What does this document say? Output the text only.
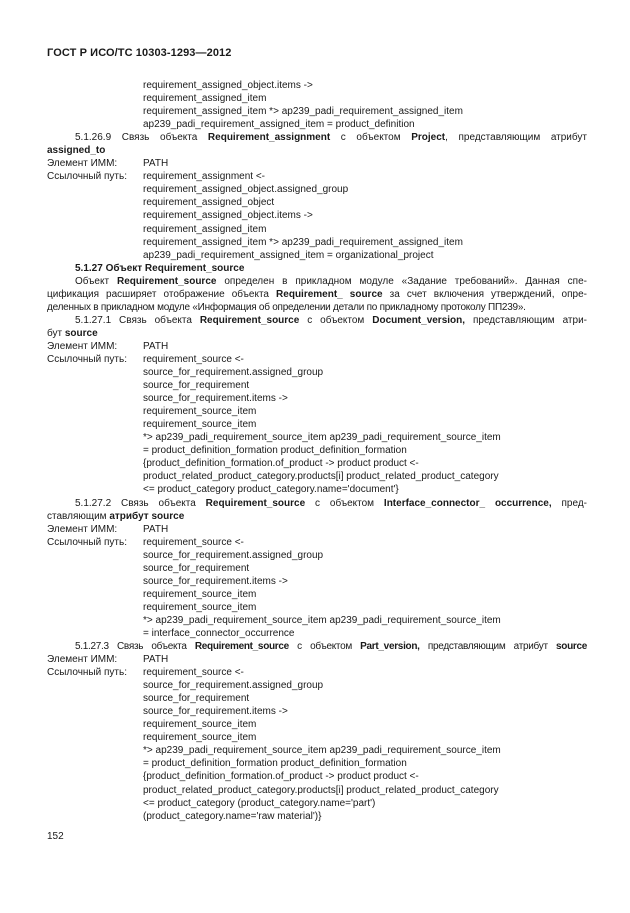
ГОСТ Р ИСО/ТС 10303-1293—2012
requirement_assigned_object.items ->
requirement_assigned_item
requirement_assigned_item *> ap239_padi_requirement_assigned_item
ap239_padi_requirement_assigned_item = product_definition
5.1.26.9 Связь объекта Requirement_assignment с объектом Project, представляющим атрибут
assigned_to
Элемент ИММ:	PATH
Ссылочный путь: requirement_assignment <-
requirement_assigned_object.assigned_group
requirement_assigned_object
requirement_assigned_object.items ->
requirement_assigned_item
requirement_assigned_item *> ap239_padi_requirement_assigned_item
ap239_padi_requirement_assigned_item = organizational_project
5.1.27 Объект Requirement_source
Объект Requirement_source определен в прикладном модуле «Задание требований». Данная спе-
цификация расширяет отображение объекта Requirement_ source за счет включения утверждений, опре-
деленных в прикладном модуле «Информация об определении детали по прикладному протоколу ПП239».
5.1.27.1 Связь объекта Requirement_source с объектом Document_version, представляющим атри-
бут source
Элемент ИММ:	PATH
Ссылочный путь: requirement_source <-
source_for_requirement.assigned_group
source_for_requirement
source_for_requirement.items ->
requirement_source_item
requirement_source_item
*> ap239_padi_requirement_source_item ap239_padi_requirement_source_item
= product_definition_formation product_definition_formation
{product_definition_formation.of_product -> product product <-
product_related_product_category.products[i] product_related_product_category
<= product_category product_category.name='document'}
5.1.27.2 Связь объекта Requirement_source с объектом Interface_connector_ occurrence, пред-
ставляющим атрибут source
Элемент ИММ:	PATH
Ссылочный путь: requirement_source <-
source_for_requirement.assigned_group
source_for_requirement
source_for_requirement.items ->
requirement_source_item
requirement_source_item
*> ap239_padi_requirement_source_item ap239_padi_requirement_source_item
= interface_connector_occurrence
5.1.27.3 Связь объекта Requirement_source с объектом Part_version, представляющим атрибут source
Элемент ИММ:	PATH
Ссылочный путь: requirement_source <-
source_for_requirement.assigned_group
source_for_requirement
source_for_requirement.items ->
requirement_source_item
requirement_source_item
*> ap239_padi_requirement_source_item ap239_padi_requirement_source_item
= product_definition_formation product_definition_formation
{product_definition_formation.of_product -> product product <-
product_related_product_category.products[i] product_related_product_category
<= product_category (product_category.name='part')
(product_category.name='raw material')}
152
